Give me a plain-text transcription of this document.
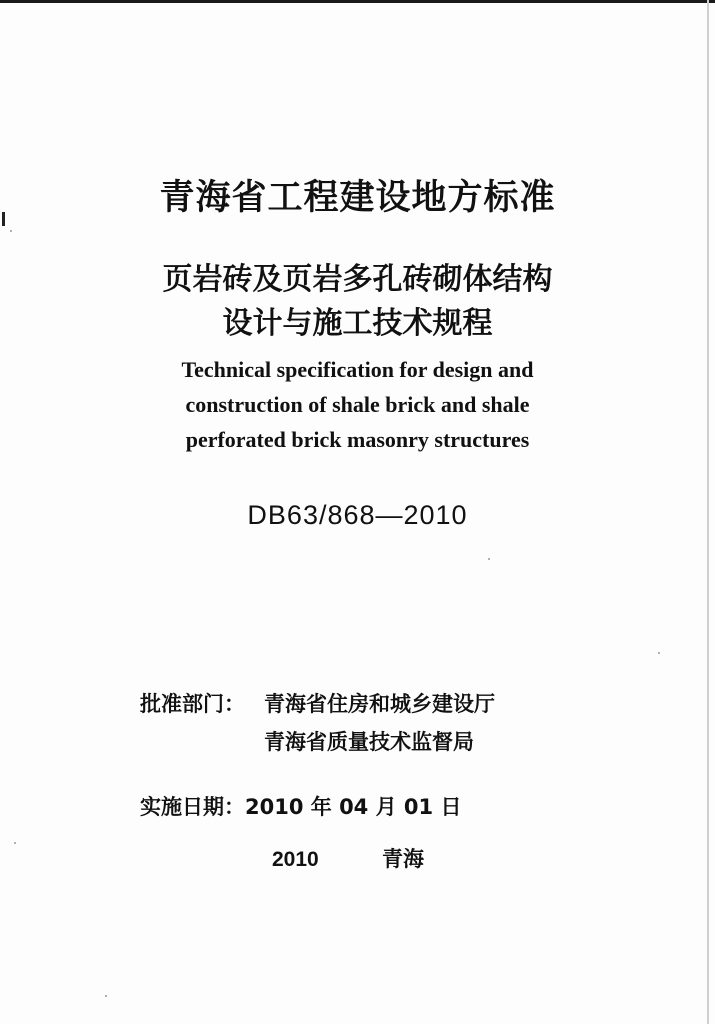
青海省工程建设地方标准
页岩砖及页岩多孔砖砌体结构
设计与施工技术规程
Technical specification for design and
construction of shale brick and shale
perforated brick masonry structures
DB63/868—2010
批准部门： 青海省住房和城乡建设厅
青海省质量技术监督局
实施日期：2010 年 04 月 01 日
2010	青海
